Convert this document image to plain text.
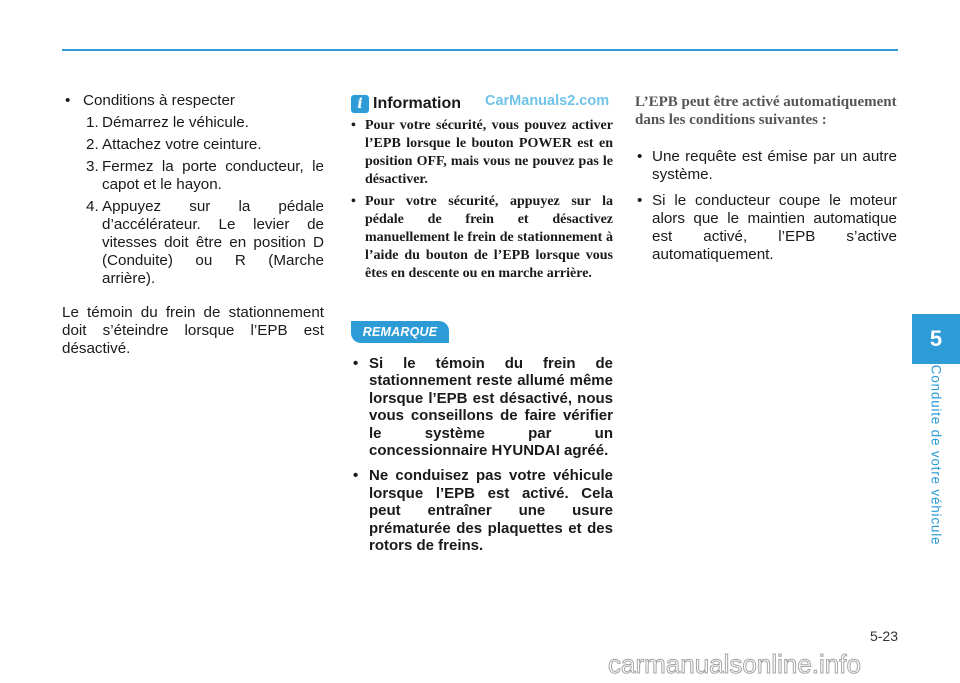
• Conditions à respecter
1. Démarrez le véhicule.
2. Attachez votre ceinture.
3. Fermez la porte conducteur, le capot et le hayon.
4. Appuyez sur la pédale d’accélérateur. Le levier de vitesses doit être en position D (Conduite) ou R (Marche arrière).
Le témoin du frein de stationnement doit s’éteindre lorsque l’EPB est désactivé.
i Information CarManuals2.com
• Pour votre sécurité, vous pouvez activer l’EPB lorsque le bouton POWER est en position OFF, mais vous ne pouvez pas le désactiver.
• Pour votre sécurité, appuyez sur la pédale de frein et désactivez manuellement le frein de stationnement à l’aide du bouton de l’EPB lorsque vous êtes en descente ou en marche arrière.
REMARQUE
• Si le témoin du frein de stationnement reste allumé même lorsque l’EPB est désactivé, nous vous conseillons de faire vérifier le système par un concessionnaire HYUNDAI agréé.
• Ne conduisez pas votre véhicule lorsque l’EPB est activé. Cela peut entraîner une usure prématurée des plaquettes et des rotors de freins.
L’EPB peut être activé automatiquement dans les conditions suivantes :
• Une requête est émise par un autre système.
• Si le conducteur coupe le moteur alors que le maintien automatique est activé, l’EPB s’active automatiquement.
5
Conduite de votre véhicule
5-23
carmanualsonline.info
